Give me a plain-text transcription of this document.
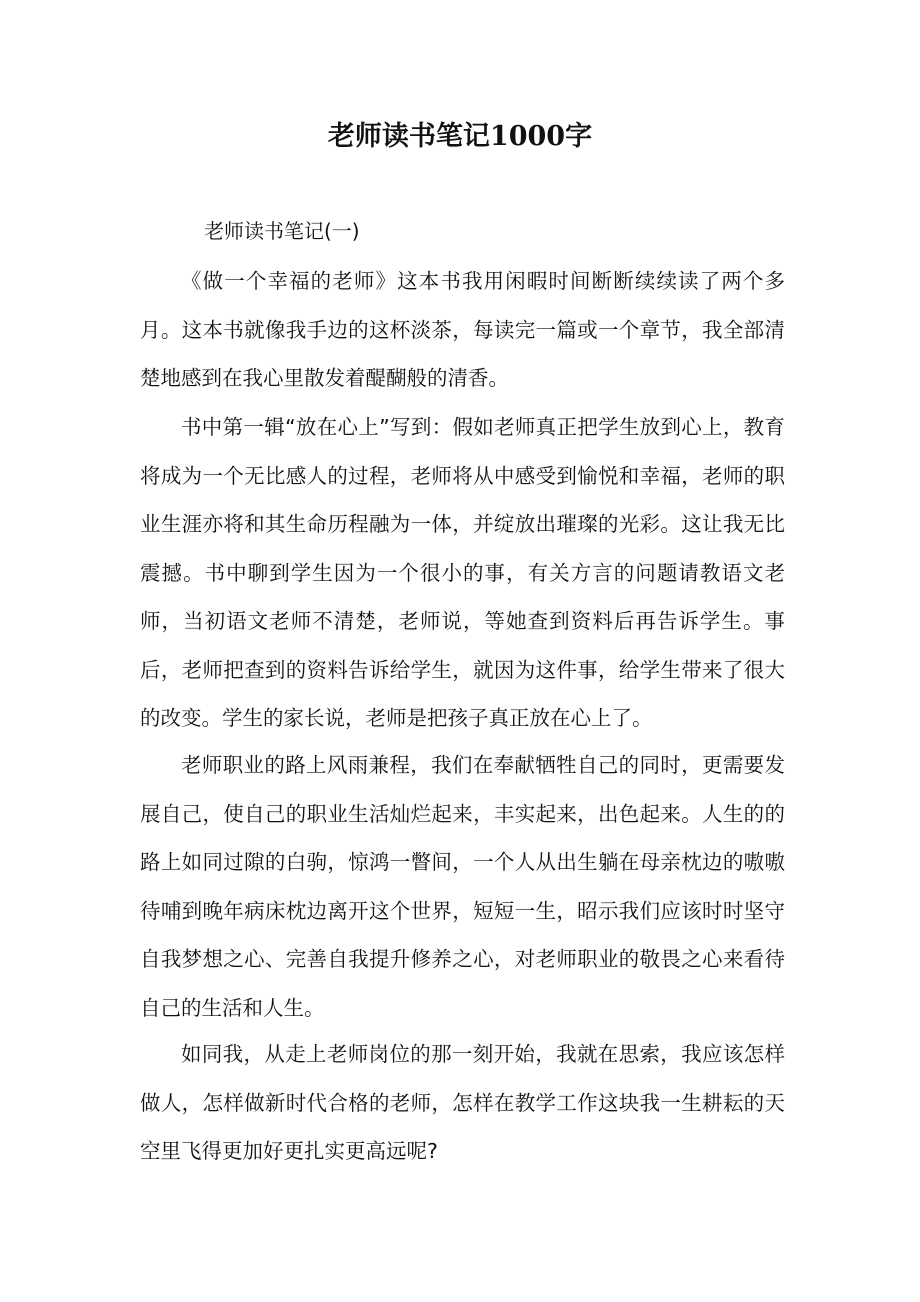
老师读书笔记1000字

老师读书笔记(一)

《做一个幸福的老师》这本书我用闲暇时间断断续续读了两个多月。这本书就像我手边的这杯淡茶，每读完一篇或一个章节，我全部清楚地感到在我心里散发着醍醐般的清香。

书中第一辑“放在心上”写到：假如老师真正把学生放到心上，教育将成为一个无比感人的过程，老师将从中感受到愉悦和幸福，老师的职业生涯亦将和其生命历程融为一体，并绽放出璀璨的光彩。这让我无比震撼。书中聊到学生因为一个很小的事，有关方言的问题请教语文老师，当初语文老师不清楚，老师说，等她查到资料后再告诉学生。事后，老师把查到的资料告诉给学生，就因为这件事，给学生带来了很大的改变。学生的家长说，老师是把孩子真正放在心上了。

老师职业的路上风雨兼程，我们在奉献牺牲自己的同时，更需要发展自己，使自己的职业生活灿烂起来，丰实起来，出色起来。人生的的路上如同过隙的白驹，惊鸿一瞥间，一个人从出生躺在母亲枕边的嗷嗷待哺到晚年病床枕边离开这个世界，短短一生，昭示我们应该时时坚守自我梦想之心、完善自我提升修养之心，对老师职业的敬畏之心来看待自己的生活和人生。

如同我，从走上老师岗位的那一刻开始，我就在思索，我应该怎样做人，怎样做新时代合格的老师，怎样在教学工作这块我一生耕耘的天空里飞得更加好更扎实更高远呢?
